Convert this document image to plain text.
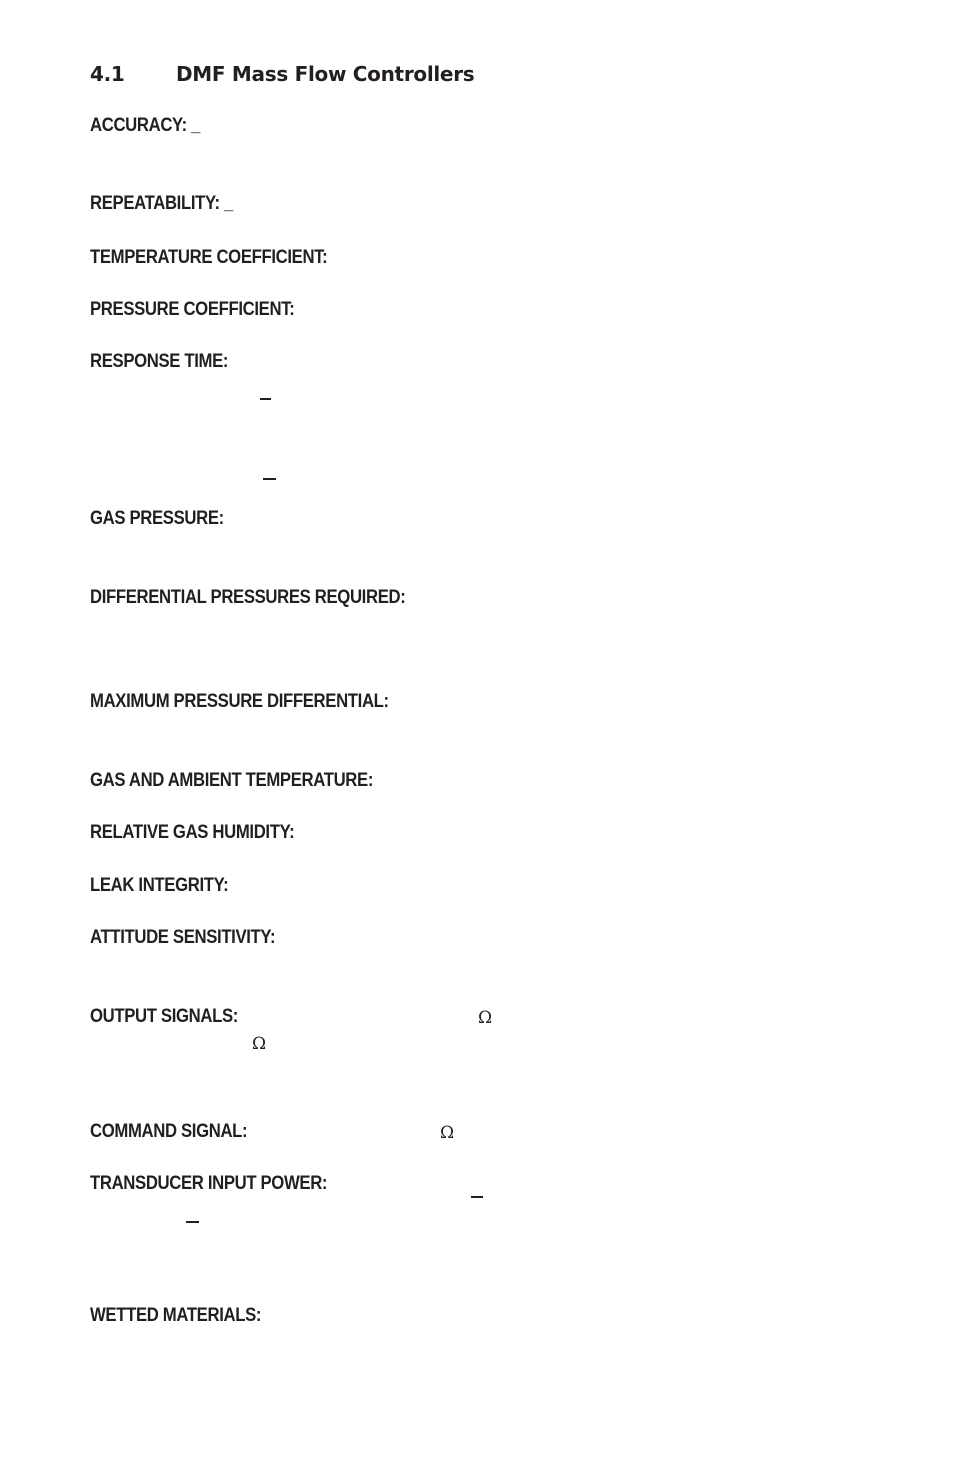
4.1	DMF Mass Flow Controllers
ACCURACY: _
REPEATABILITY: _
TEMPERATURE COEFFICIENT:
PRESSURE COEFFICIENT:
RESPONSE TIME:
GAS PRESSURE:
DIFFERENTIAL PRESSURES REQUIRED:
MAXIMUM PRESSURE DIFFERENTIAL:
GAS AND AMBIENT TEMPERATURE:
RELATIVE GAS HUMIDITY:
LEAK INTEGRITY:
ATTITUDE SENSITIVITY:
OUTPUT SIGNALS:	Ω
Ω
COMMAND SIGNAL:	Ω
TRANSDUCER INPUT POWER:
WETTED MATERIALS:
